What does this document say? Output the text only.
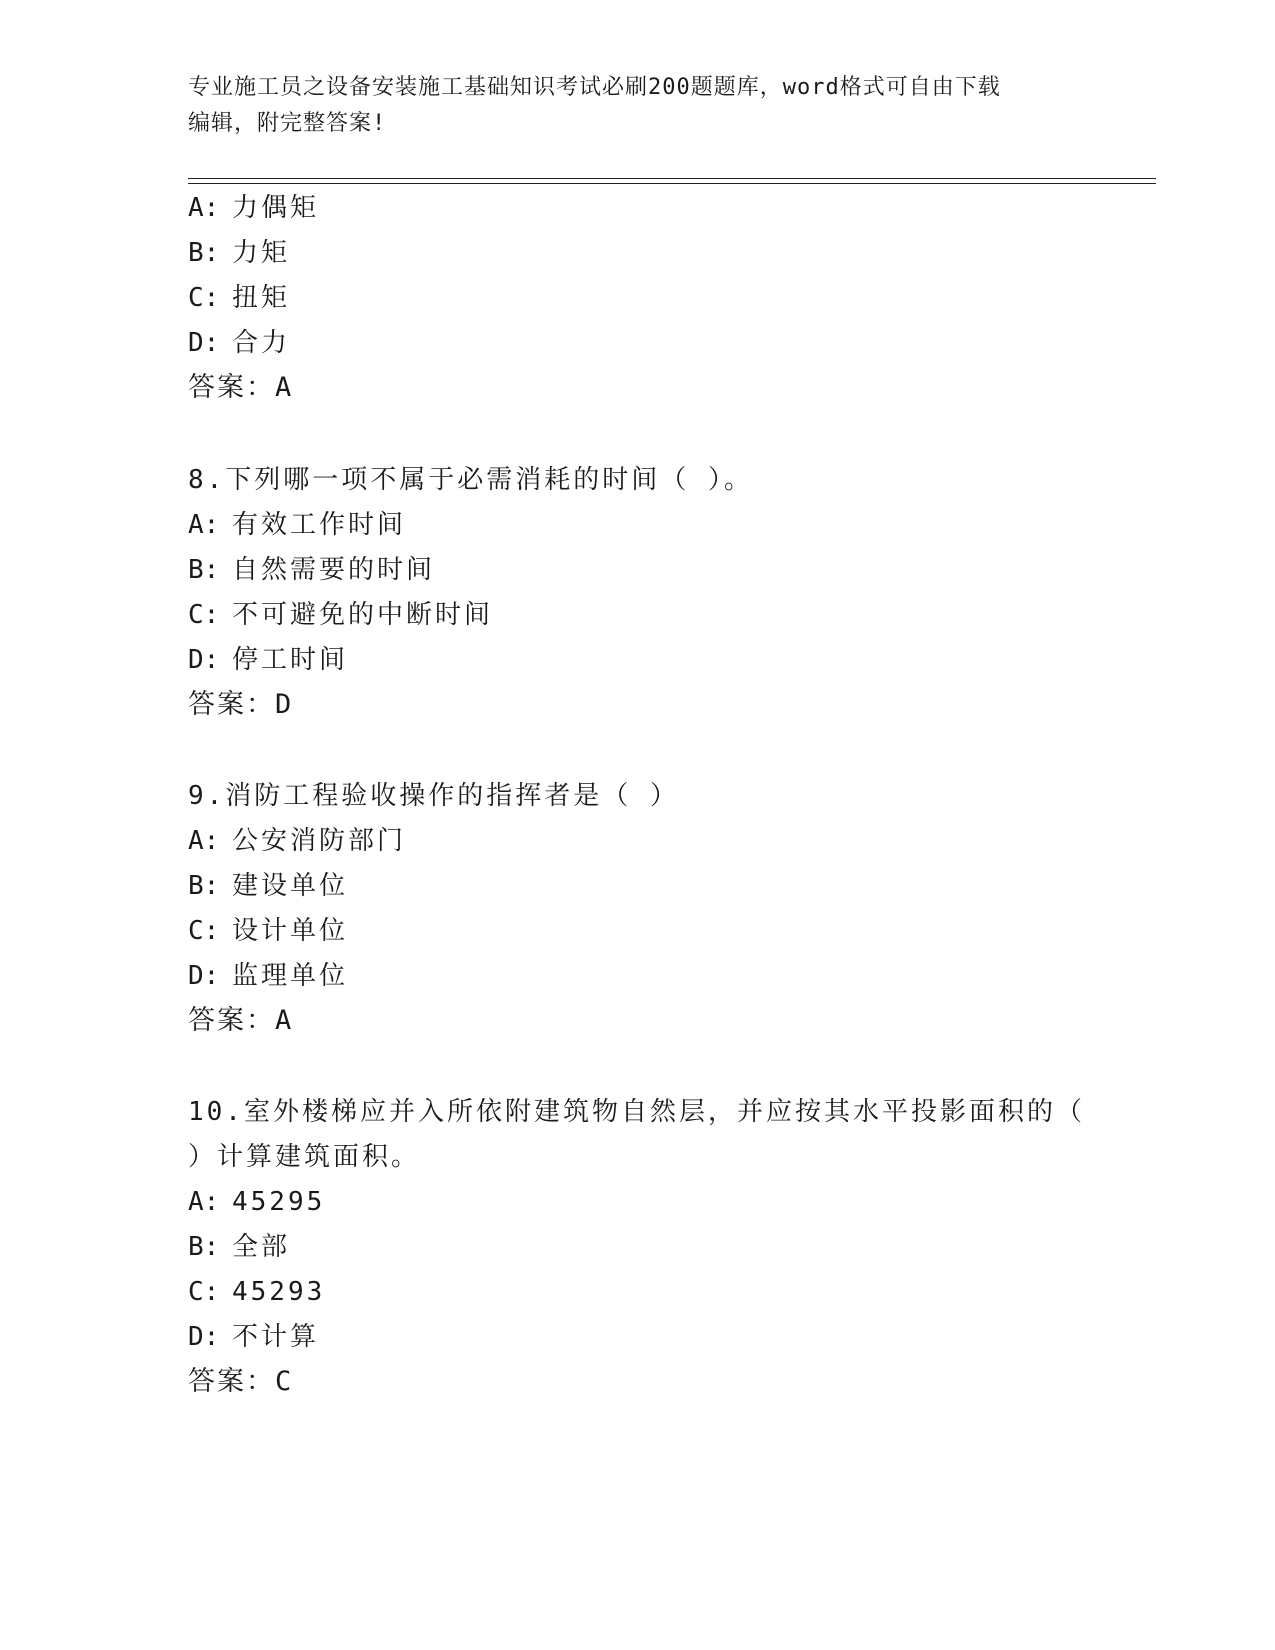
专业施工员之设备安装施工基础知识考试必刷200题题库，word格式可自由下载
编辑，附完整答案!
A: 力偶矩
B: 力矩
C: 扭矩
D: 合力
答案：A
8.下列哪一项不属于必需消耗的时间（ ）。
A: 有效工作时间
B: 自然需要的时间
C: 不可避免的中断时间
D: 停工时间
答案：D
9.消防工程验收操作的指挥者是（ ）
A: 公安消防部门
B: 建设单位
C: 设计单位
D: 监理单位
答案：A
10.室外楼梯应并入所依附建筑物自然层，并应按其水平投影面积的（
）计算建筑面积。
A: 45295
B: 全部
C: 45293
D: 不计算
答案：C
